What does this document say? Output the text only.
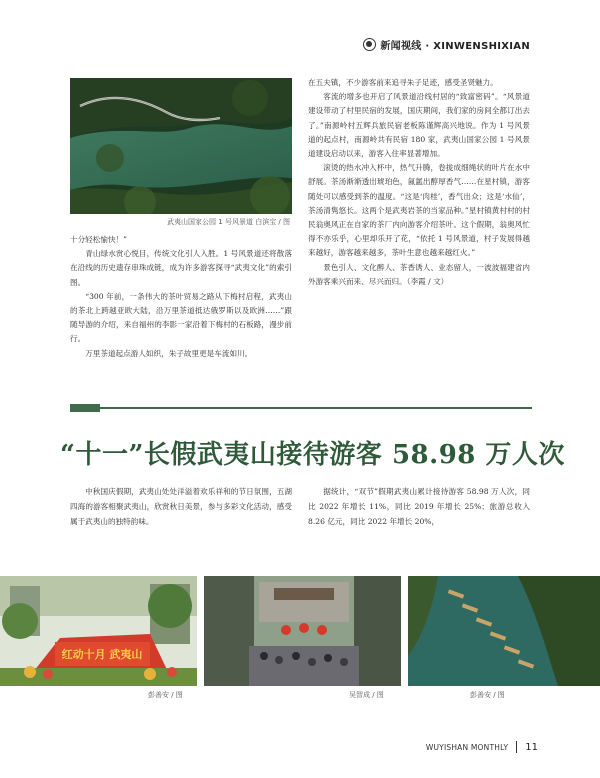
新闻视线 · XINWENSHIXIAN
武夷山国家公园 1 号风景道 白滨宝 / 图

十分轻松愉快！”

青山绿水赏心悦目，传统文化引人入胜。1 号风景道还将散落在沿线的历史遗存串珠成链，成为许多游客探寻“武夷文化”的索引图。

“300 年前，一条伟大的茶叶贸易之路从下梅村启程，武夷山的茶北上跨越亚欧大陆，沿万里茶道抵达俄罗斯以及欧洲……”跟随导游的介绍，来自福州的李影一家沿着下梅村的石板路，漫步前行。

万里茶道起点游人如织，朱子故里更是车流如川。

在五夫镇，不少游客前来追寻朱子足迹，感受圣贤魅力。

客流的增多也开启了风景道沿线村居的“致富密码”。“风景道建设带动了村里民宿的发展，国庆期间，我们家的房间全都订出去了。”南源岭村五辉兵旅民宿老板陈谨辉高兴地说。作为 1 号风景道的起点村，南源岭共有民宿 180 家，武夷山国家公园 1 号风景道建设启动以来，游客入住率显著增加。

滚烫的热水冲入杯中，热气升腾，卷拢成细绳状的叶片在水中舒展。茶汤渐渐透出琥珀色，氤氲出醇厚香气……在星村镇，游客随处可以感受到茶的温度。“这是‘肉桂’，香气出众；这是‘水仙’，茶汤清隽悠长。这两个是武夷岩茶的当家品种。”星村镇黄村村的村民翁奥风正在自家的茶厂内向游客介绍茶叶。这个假期，翁奥风忙得不亦乐乎，心里却乐开了花，“依托 1 号风景道，村子发展得越来越好，游客越来越多，茶叶生意也越来越红火。”

景色引人、文化醉人、茶香诱人、业态留人，一波波福建省内外游客乘兴而来、尽兴而归。（李霞 / 文）

“十一”长假武夷山接待游客 58.98 万人次

中秋国庆假期，武夷山处处洋溢着欢乐祥和的节日氛围，五湖四海的游客相聚武夷山，欣赏秋日美景，参与多彩文化活动，感受属于武夷山的独特韵味。

据统计，“双节”假期武夷山累计接待游客 58.98 万人次，同比 2022 年增长 11%，同比 2019 年增长 25%；旅游总收入 8.26 亿元，同比 2022 年增长 20%，

红动十月 武夷山
彭善安 / 图	吴智成 / 图	彭善安 / 图
WUYISHAN MONTHLY 11
